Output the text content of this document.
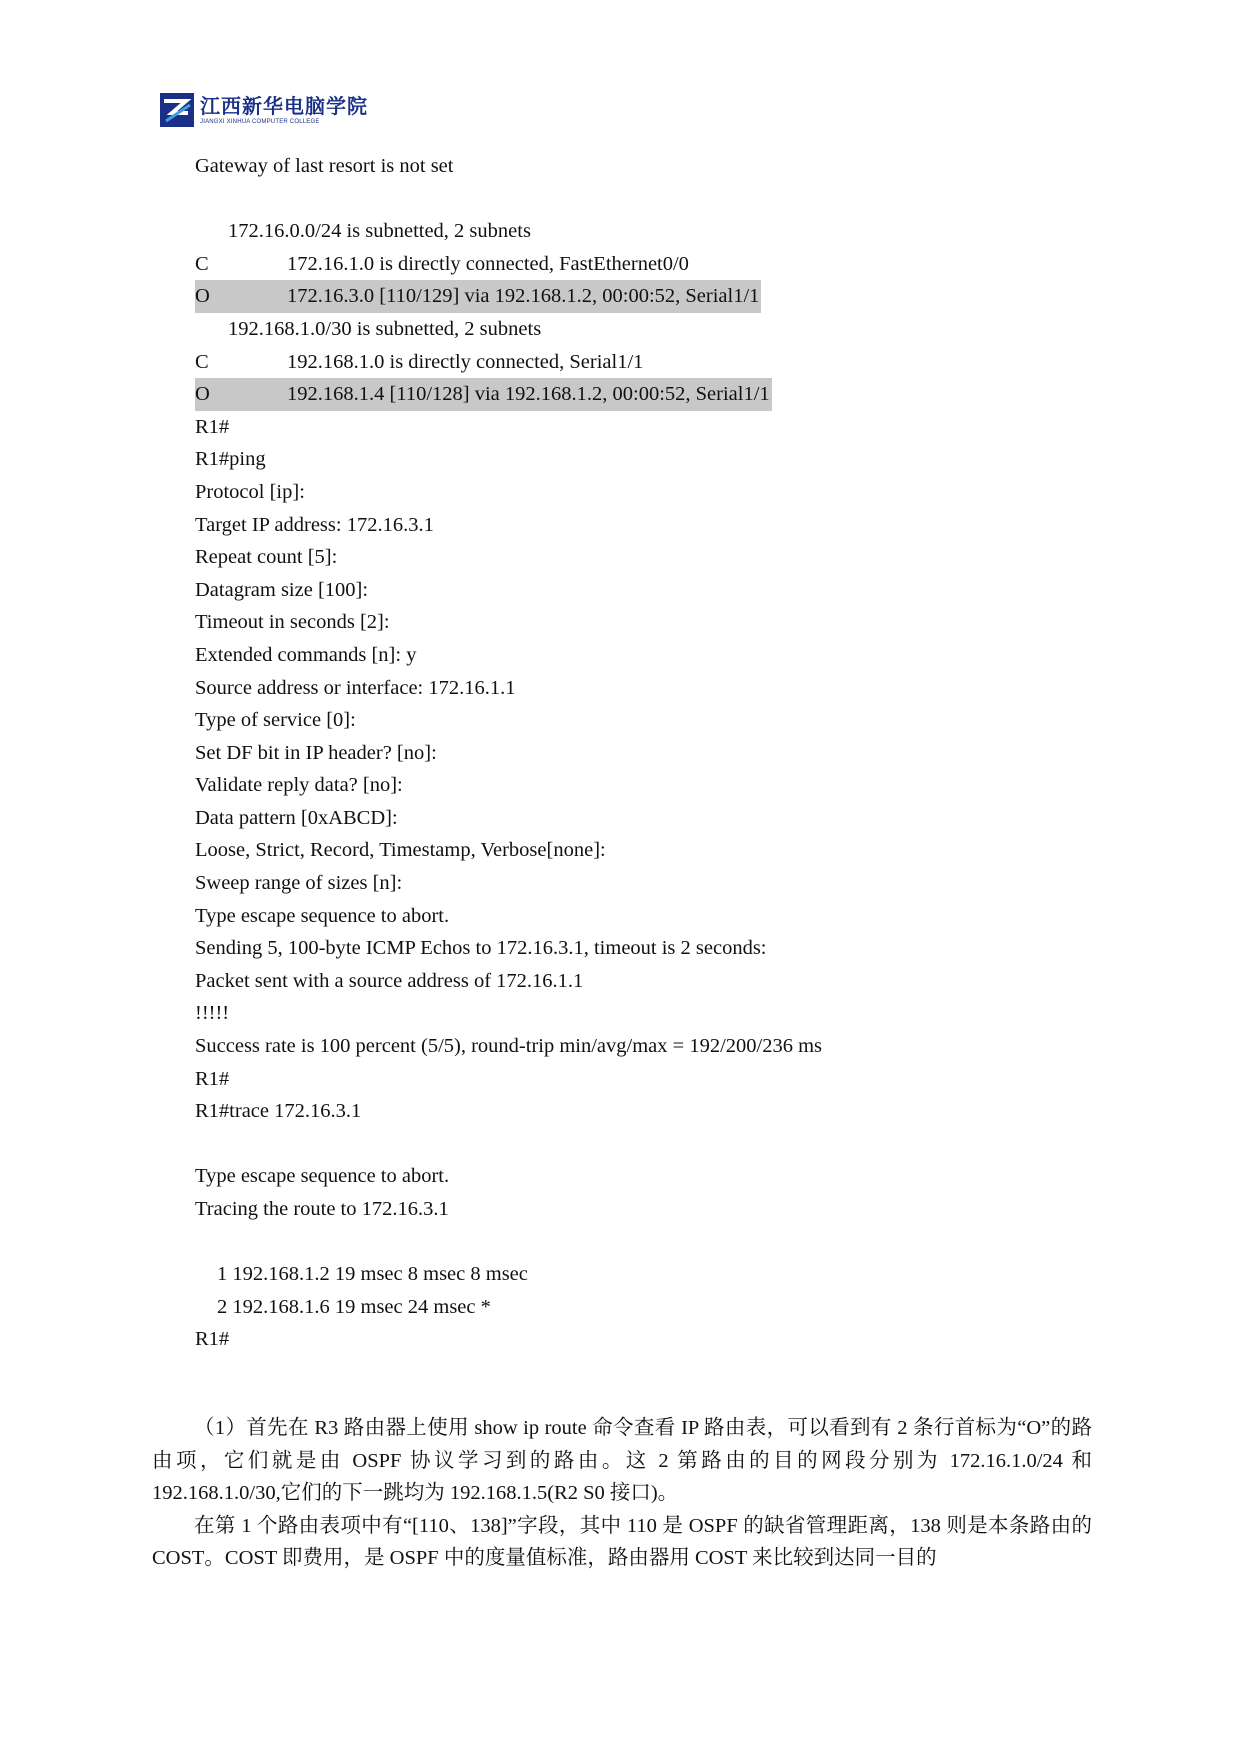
江西新华电脑学院
JIANGXI XINHUA COMPUTER COLLEGE
Gateway of last resort is not set
172.16.0.0/24 is subnetted, 2 subnets
C	172.16.1.0 is directly connected, FastEthernet0/0
O	172.16.3.0 [110/129] via 192.168.1.2, 00:00:52, Serial1/1
192.168.1.0/30 is subnetted, 2 subnets
C	192.168.1.0 is directly connected, Serial1/1
O	192.168.1.4 [110/128] via 192.168.1.2, 00:00:52, Serial1/1
R1#
R1#ping
Protocol [ip]:
Target IP address: 172.16.3.1
Repeat count [5]:
Datagram size [100]:
Timeout in seconds [2]:
Extended commands [n]: y
Source address or interface: 172.16.1.1
Type of service [0]:
Set DF bit in IP header? [no]:
Validate reply data? [no]:
Data pattern [0xABCD]:
Loose, Strict, Record, Timestamp, Verbose[none]:
Sweep range of sizes [n]:
Type escape sequence to abort.
Sending 5, 100-byte ICMP Echos to 172.16.3.1, timeout is 2 seconds:
Packet sent with a source address of 172.16.1.1
!!!!!
Success rate is 100 percent (5/5), round-trip min/avg/max = 192/200/236 ms
R1#
R1#trace 172.16.3.1
Type escape sequence to abort.
Tracing the route to 172.16.3.1
1 192.168.1.2 19 msec 8 msec 8 msec
2 192.168.1.6 19 msec 24 msec *
R1#

（1）首先在 R3 路由器上使用 show ip route 命令查看 IP 路由表，可以看到有 2 条行首标为“O”的路由项，它们就是由 OSPF 协议学习到的路由。这 2 第路由的目的网段分别为 172.16.1.0/24 和 192.168.1.0/30,它们的下一跳均为 192.168.1.5(R2 S0 接口)。

在第 1 个路由表项中有“[110、138]”字段，其中 110 是 OSPF 的缺省管理距离，138 则是本条路由的 COST。COST 即费用，是 OSPF 中的度量值标准，路由器用 COST 来比较到达同一目的
